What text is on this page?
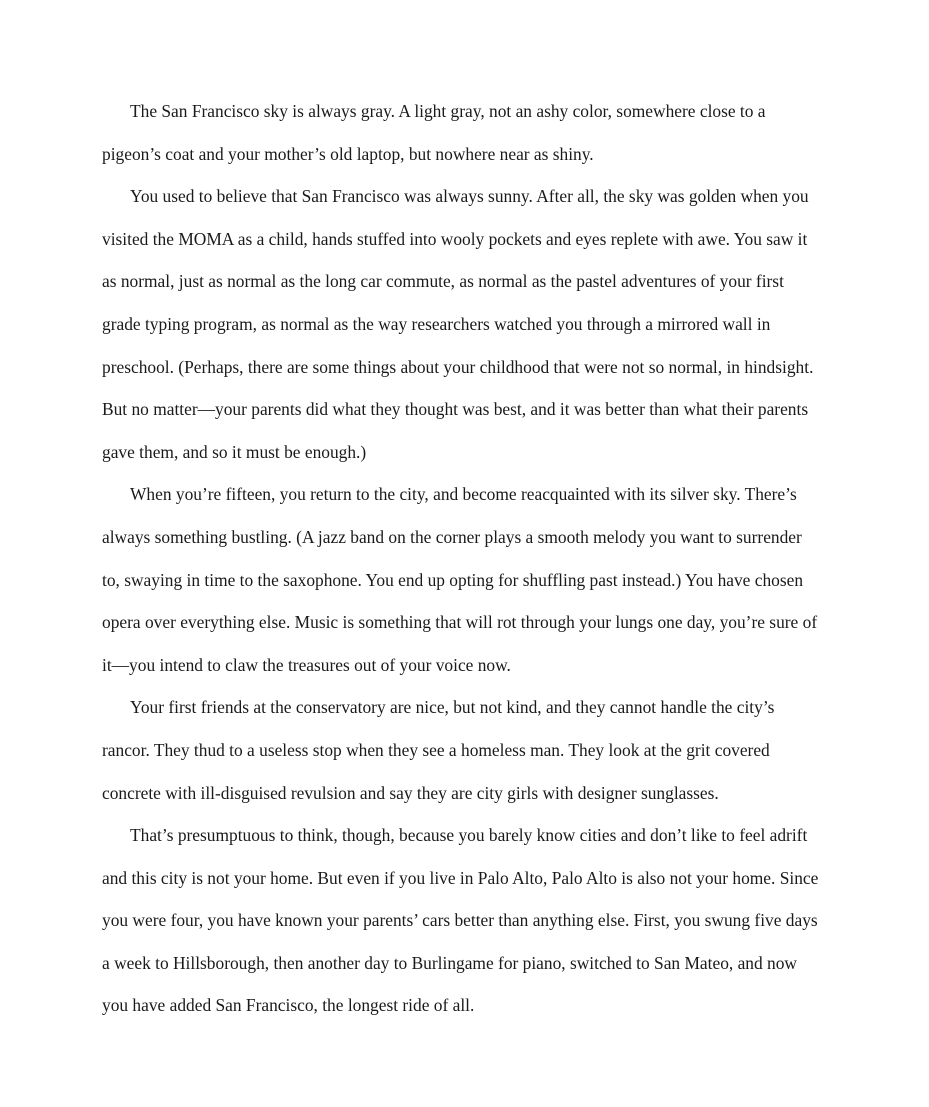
The San Francisco sky is always gray. A light gray, not an ashy color, somewhere close to a pigeon’s coat and your mother’s old laptop, but nowhere near as shiny.

You used to believe that San Francisco was always sunny. After all, the sky was golden when you visited the MOMA as a child, hands stuffed into wooly pockets and eyes replete with awe. You saw it as normal, just as normal as the long car commute, as normal as the pastel adventures of your first grade typing program, as normal as the way researchers watched you through a mirrored wall in preschool. (Perhaps, there are some things about your childhood that were not so normal, in hindsight. But no matter—your parents did what they thought was best, and it was better than what their parents gave them, and so it must be enough.)

When you’re fifteen, you return to the city, and become reacquainted with its silver sky. There’s always something bustling. (A jazz band on the corner plays a smooth melody you want to surrender to, swaying in time to the saxophone. You end up opting for shuffling past instead.) You have chosen opera over everything else. Music is something that will rot through your lungs one day, you’re sure of it—you intend to claw the treasures out of your voice now.

Your first friends at the conservatory are nice, but not kind, and they cannot handle the city’s rancor. They thud to a useless stop when they see a homeless man. They look at the grit covered concrete with ill-disguised revulsion and say they are city girls with designer sunglasses.

That’s presumptuous to think, though, because you barely know cities and don’t like to feel adrift and this city is not your home. But even if you live in Palo Alto, Palo Alto is also not your home. Since you were four, you have known your parents’ cars better than anything else. First, you swung five days a week to Hillsborough, then another day to Burlingame for piano, switched to San Mateo, and now you have added San Francisco, the longest ride of all.
